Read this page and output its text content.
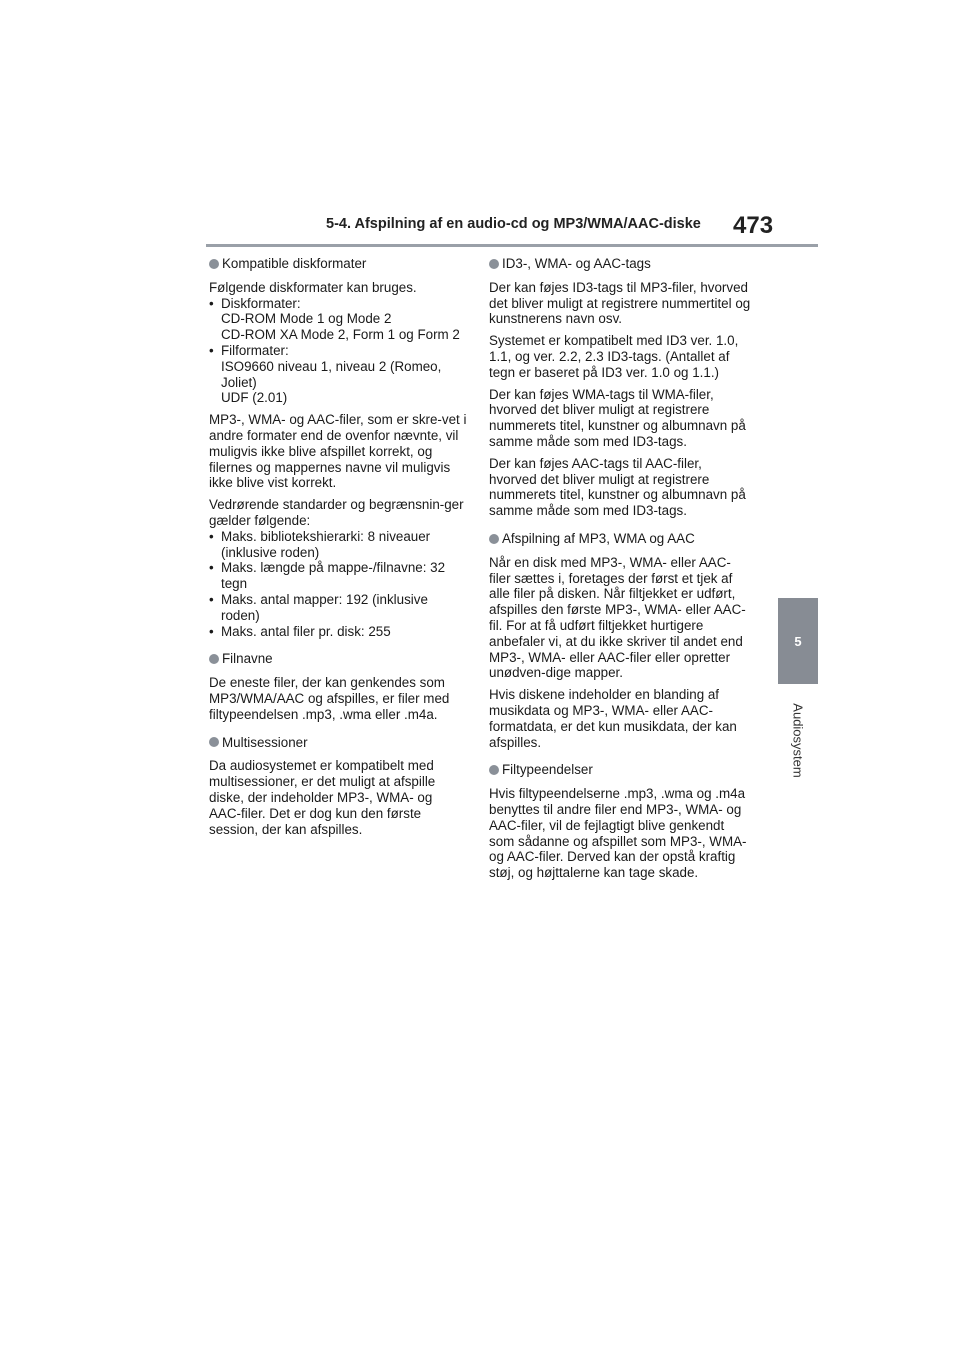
5-4. Afspilning af en audio-cd og MP3/WMA/AAC-diske 473
5
Audiosystem
Kompatible diskformater
Følgende diskformater kan bruges.
• Diskformater:
CD-ROM Mode 1 og Mode 2
CD-ROM XA Mode 2, Form 1 og Form 2
• Filformater:
ISO9660 niveau 1, niveau 2 (Romeo, Joliet)
UDF (2.01)

MP3-, WMA- og AAC-filer, som er skre-vet i andre formater end de ovenfor nævnte, vil muligvis ikke blive afspillet korrekt, og filernes og mappernes navne vil muligvis ikke blive vist korrekt.

Vedrørende standarder og begrænsnin-ger gælder følgende:
• Maks. bibliotekshierarki: 8 niveauer (inklusive roden)
• Maks. længde på mappe-/filnavne: 32 tegn
• Maks. antal mapper: 192 (inklusive roden)
• Maks. antal filer pr. disk: 255
Filnavne

De eneste filer, der kan genkendes som MP3/WMA/AAC og afspilles, er filer med filtypeendelsen .mp3, .wma eller .m4a.

Multisessioner

Da audiosystemet er kompatibelt med multisessioner, er det muligt at afspille diske, der indeholder MP3-, WMA- og AAC-filer. Det er dog kun den første session, der kan afspilles.

ID3-, WMA- og AAC-tags

Der kan føjes ID3-tags til MP3-filer, hvorved det bliver muligt at registrere nummertitel og kunstnerens navn osv.

Systemet er kompatibelt med ID3 ver. 1.0, 1.1, og ver. 2.2, 2.3 ID3-tags. (Antallet af tegn er baseret på ID3 ver. 1.0 og 1.1.)

Der kan føjes WMA-tags til WMA-filer, hvorved det bliver muligt at registrere nummerets titel, kunstner og albumnavn på samme måde som med ID3-tags.

Der kan føjes AAC-tags til AAC-filer, hvorved det bliver muligt at registrere nummerets titel, kunstner og albumnavn på samme måde som med ID3-tags.

Afspilning af MP3, WMA og AAC

Når en disk med MP3-, WMA- eller AAC-filer sættes i, foretages der først et tjek af alle filer på disken. Når filtjekket er udført, afspilles den første MP3-, WMA- eller AAC-fil. For at få udført filtjekket hurtigere anbefaler vi, at du ikke skriver til andet end MP3-, WMA- eller AAC-filer eller opretter unødven-dige mapper.

Hvis diskene indeholder en blanding af musikdata og MP3-, WMA- eller AAC-formatdata, er det kun musikdata, der kan afspilles.

Filtypeendelser

Hvis filtypeendelserne .mp3, .wma og .m4a benyttes til andre filer end MP3-, WMA- og AAC-filer, vil de fejlagtigt blive genkendt som sådanne og afspillet som MP3-, WMA- og AAC-filer. Derved kan der opstå kraftig støj, og højttalerne kan tage skade.
